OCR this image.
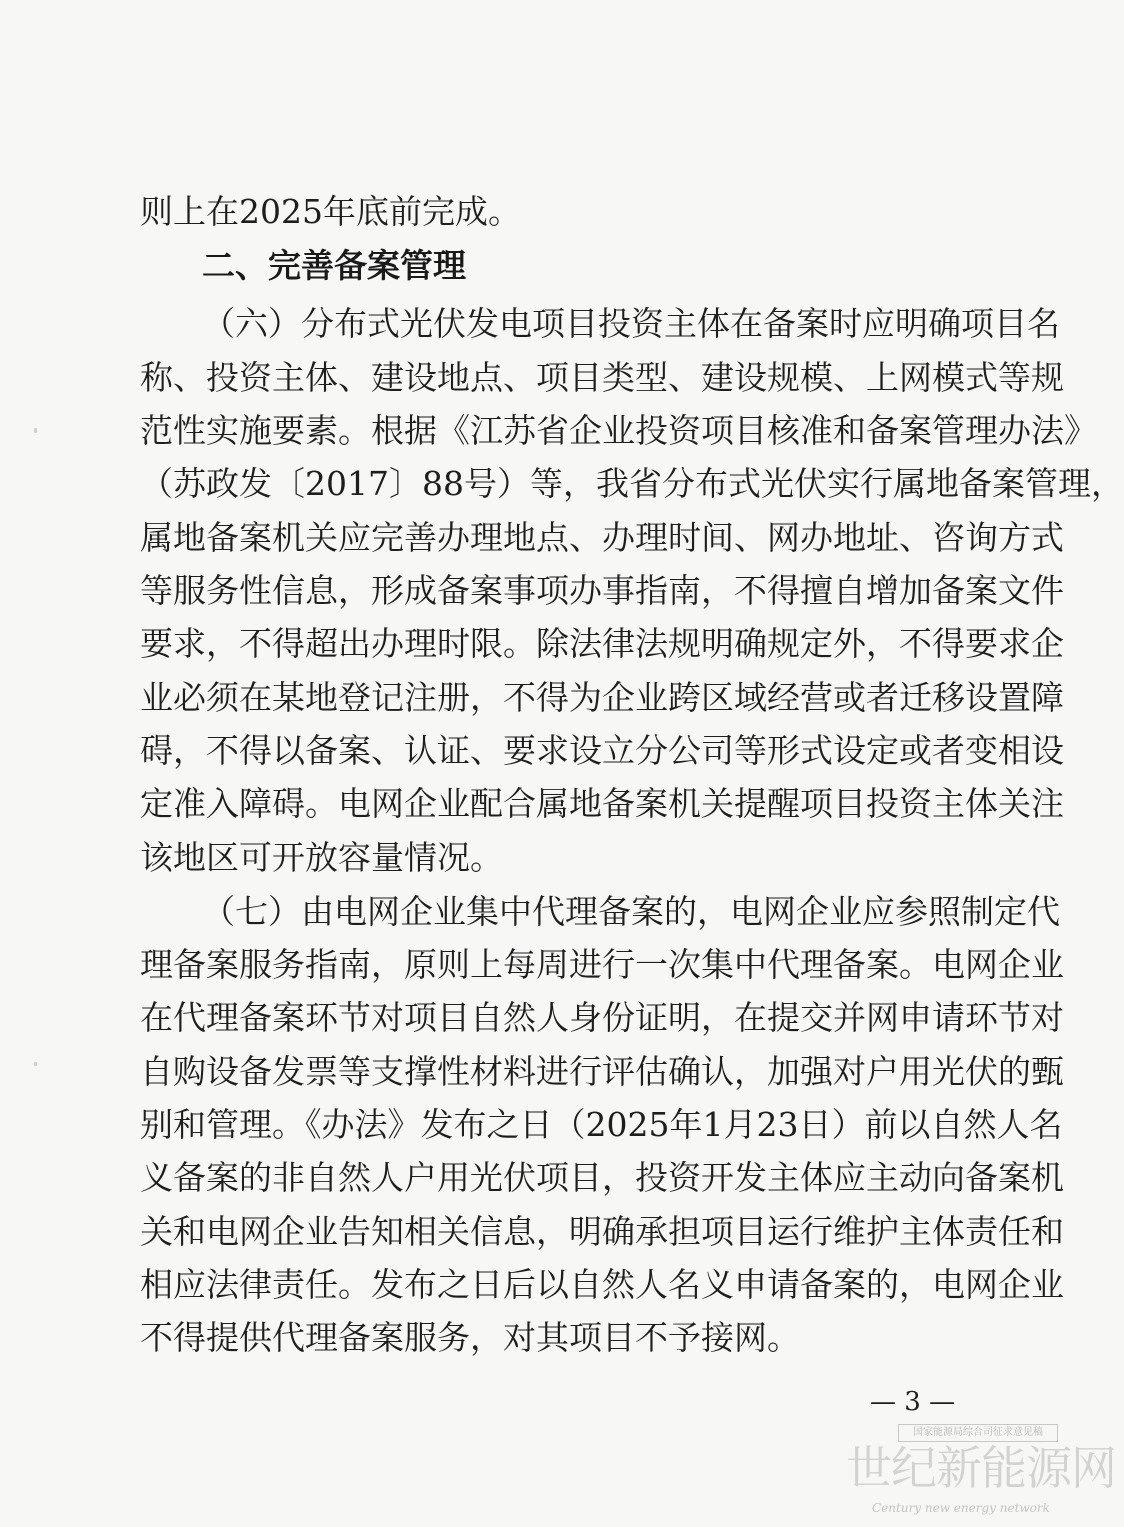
则上在2025年底前完成。
二、完善备案管理
（六）分布式光伏发电项目投资主体在备案时应明确项目名
称、投资主体、建设地点、项目类型、建设规模、上网模式等规
范性实施要素。根据《江苏省企业投资项目核准和备案管理办法》
（苏政发〔2017〕88号）等，我省分布式光伏实行属地备案管理，
属地备案机关应完善办理地点、办理时间、网办地址、咨询方式
等服务性信息，形成备案事项办事指南，不得擅自增加备案文件
要求，不得超出办理时限。除法律法规明确规定外，不得要求企
业必须在某地登记注册，不得为企业跨区域经营或者迁移设置障
碍，不得以备案、认证、要求设立分公司等形式设定或者变相设
定准入障碍。电网企业配合属地备案机关提醒项目投资主体关注
该地区可开放容量情况。
（七）由电网企业集中代理备案的，电网企业应参照制定代
理备案服务指南，原则上每周进行一次集中代理备案。电网企业
在代理备案环节对项目自然人身份证明，在提交并网申请环节对
自购设备发票等支撑性材料进行评估确认，加强对户用光伏的甄
别和管理。《办法》发布之日（2025年1月23日）前以自然人名
义备案的非自然人户用光伏项目，投资开发主体应主动向备案机
关和电网企业告知相关信息，明确承担项目运行维护主体责任和
相应法律责任。发布之日后以自然人名义申请备案的，电网企业
不得提供代理备案服务，对其项目不予接网。
— 3 —
国家能源局综合司征求意见稿
世纪新能源网
Century new energy network
